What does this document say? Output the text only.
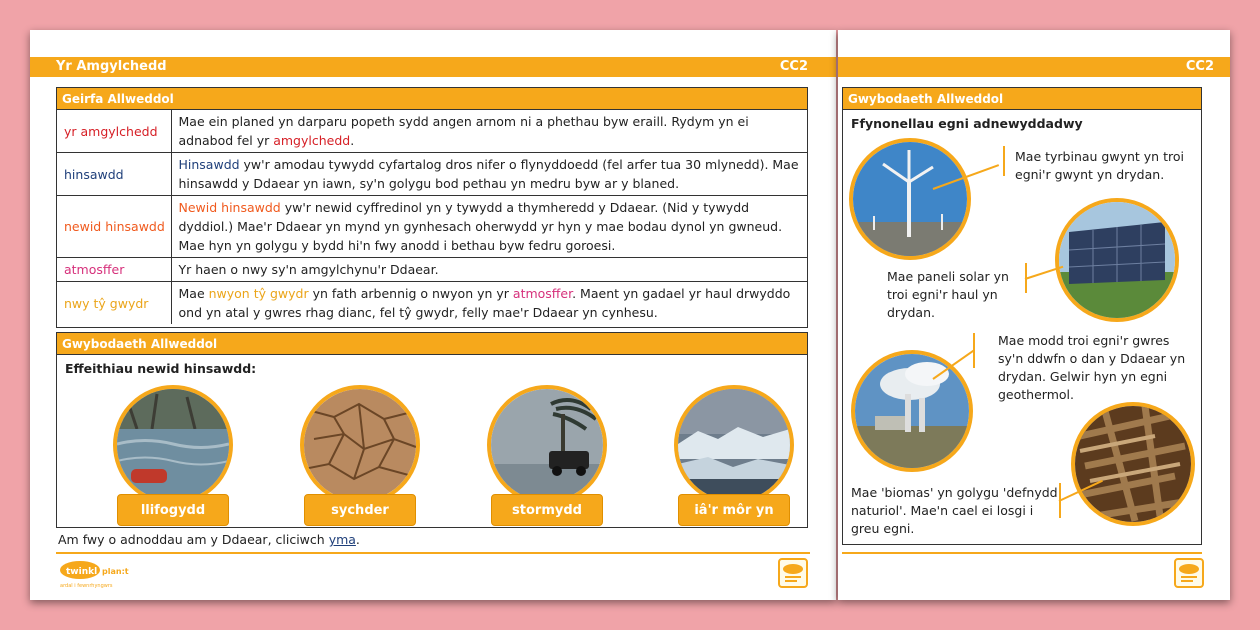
Yr Amgylchedd	CC2
Geirfa Allweddol
yr amgylchedd	Mae ein planed yn darparu popeth sydd angen arnom ni a phethau byw eraill. Rydym yn ei adnabod fel yr amgylchedd.
hinsawdd	Hinsawdd yw'r amodau tywydd cyfartalog dros nifer o flynyddoedd (fel arfer tua 30 mlynedd). Mae hinsawdd y Ddaear yn iawn, sy'n golygu bod pethau yn medru byw ar y blaned.
newid hinsawdd	Newid hinsawdd yw'r newid cyffredinol yn y tywydd a thymheredd y Ddaear. (Nid y tywydd dyddiol.) Mae'r Ddaear yn mynd yn gynhesach oherwydd yr hyn y mae bodau dynol yn gwneud. Mae hyn yn golygu y bydd hi'n fwy anodd i bethau byw fedru goroesi.
atmosffer	Yr haen o nwy sy'n amgylchynu'r Ddaear.
nwy tŷ gwydr	Mae nwyon tŷ gwydr yn fath arbennig o nwyon yn yr atmosffer. Maent yn gadael yr haul drwyddo ond yn atal y gwres rhag dianc, fel tŷ gwydr, felly mae'r Ddaear yn cynhesu.
Gwybodaeth Allweddol
Effeithiau newid hinsawdd:
llifogydd	sychder	stormydd	iâ'r môr yn toddi
Am fwy o adnoddau am y Ddaear, cliciwch yma.
twinkl plan:t
ardal i fewnrhyngwrs
CC2
Gwybodaeth Allweddol
Ffynonellau egni adnewyddadwy
Mae tyrbinau gwynt yn troi egni'r gwynt yn drydan.
Mae paneli solar yn troi egni'r haul yn drydan.
Mae modd troi egni'r gwres sy'n ddwfn o dan y Ddaear yn drydan. Gelwir hyn yn egni geothermol.
Mae 'biomas' yn golygu 'defnydd naturiol'. Mae'n cael ei losgi i greu egni.
